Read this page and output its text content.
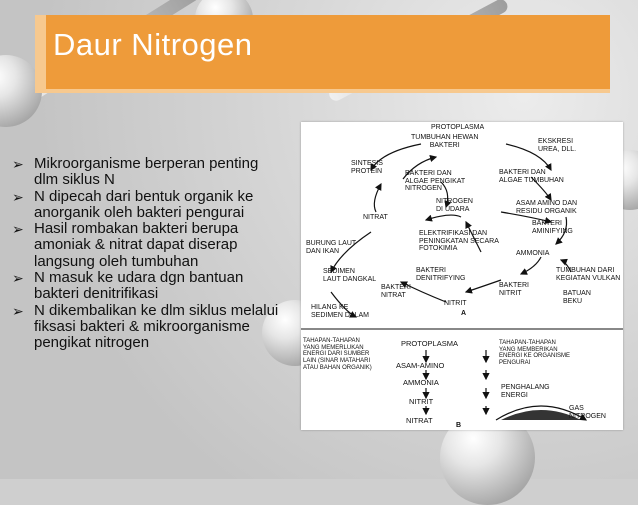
Daur Nitrogen
➢ Mikroorganisme berperan penting dlm siklus N
➢ N dipecah dari bentuk organik ke anorganik oleh bakteri pengurai
➢ Hasil rombakan bakteri berupa amoniak & nitrat dapat diserap langsung oleh tumbuhan
➢ N masuk ke udara dgn bantuan bakteri denitrifikasi
➢ N dikembalikan ke dlm siklus melalui fiksasi bakteri & mikroorganisme pengikat nitrogen
PROTOPLASMA
TUMBUHAN HEWAN
BAKTERI	EKSKRESI
UREA, DLL.
SINTESIS
PROTEIN	BAKTERI DAN
ALGAE PENGIKAT
NITROGEN
BAKTERI DAN
ALGAE TUMBUHAN
NITROGEN
DI UDARA
ASAM AMINO DAN
RESIDU ORGANIK
NITRAT
BAKTERI
AMINIFYING
ELEKTRIFIKASI DAN
PENINGKATAN SECARA
FOTOKIMIA
BURUNG LAUT
DAN IKAN	AMMONIA
SEDIMEN
LAUT DANGKAL
BAKTERI
DENITRIFYING
BAKTERI
NITRAT
TUMBUHAN DARI
KEGIATAN VULKAN
BAKTERI
NITRIT	BATUAN
BEKU
HILANG KE
SEDIMEN DALAM
NITRIT
A
TAHAPAN-TAHAPAN
YANG MEMERLUKAN
ENERGI DARI SUMBER
LAIN (SINAR MATAHARI
ATAU BAHAN ORGANIK)
PROTOPLASMA	TAHAPAN-TAHAPAN
YANG MEMBERIKAN
ENERGI KE ORGANISME
PENGURAI
ASAM-AMINO
AMMONIA
PENGHALANG
ENERGI
NITRIT
GAS
NITROGEN
NITRAT
B
